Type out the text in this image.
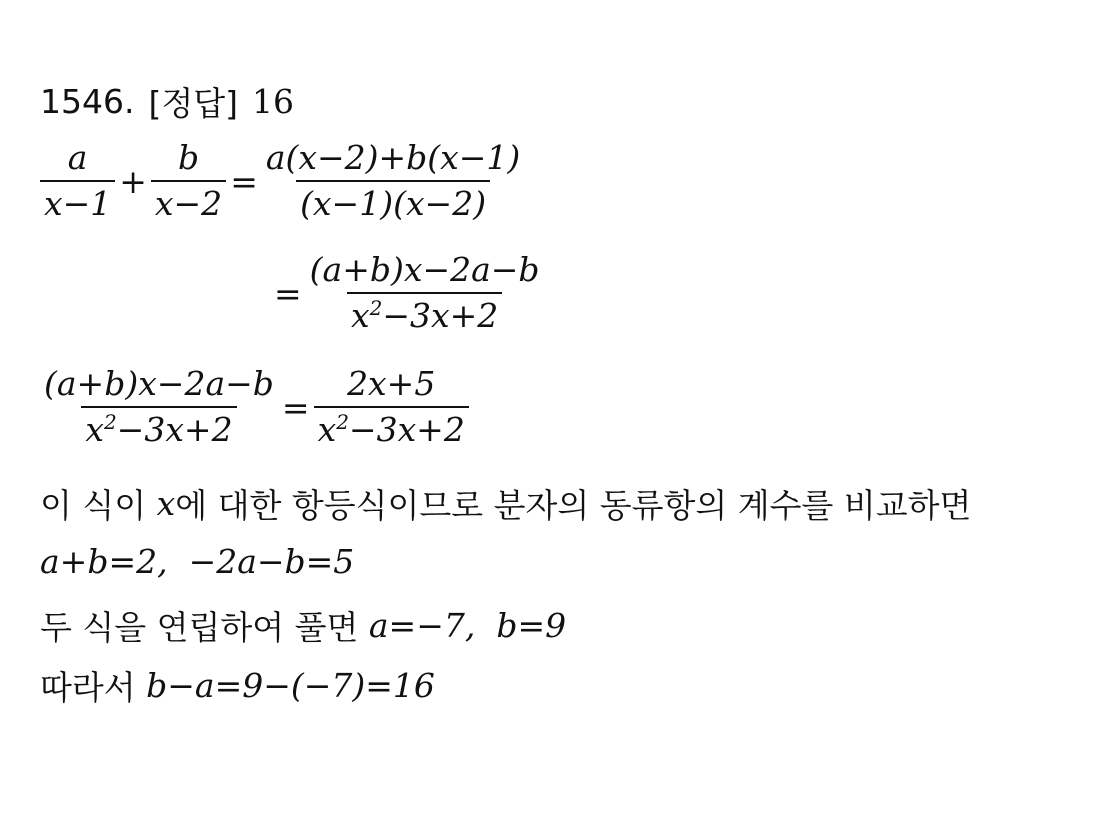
1546. [정답] 16
$\frac{a}{x-1} + \frac{b}{x-2} = \frac{a(x-2)+b(x-1)}{(x-1)(x-2)}$
= $\frac{(a+b)x-2a-b}{x^2-3x+2}$
$\frac{(a+b)x-2a-b}{x^2-3x+2} = \frac{2x+5}{x^2-3x+2}$
이 식이 x 에 대한 항등식이므로 분자의 동류항의 계수를 비교하면
a+b=2,  −2a−b=5
두 식을 연립하여 풀면 a=−7,  b=9
따라서 b−a=9−(−7)=16
